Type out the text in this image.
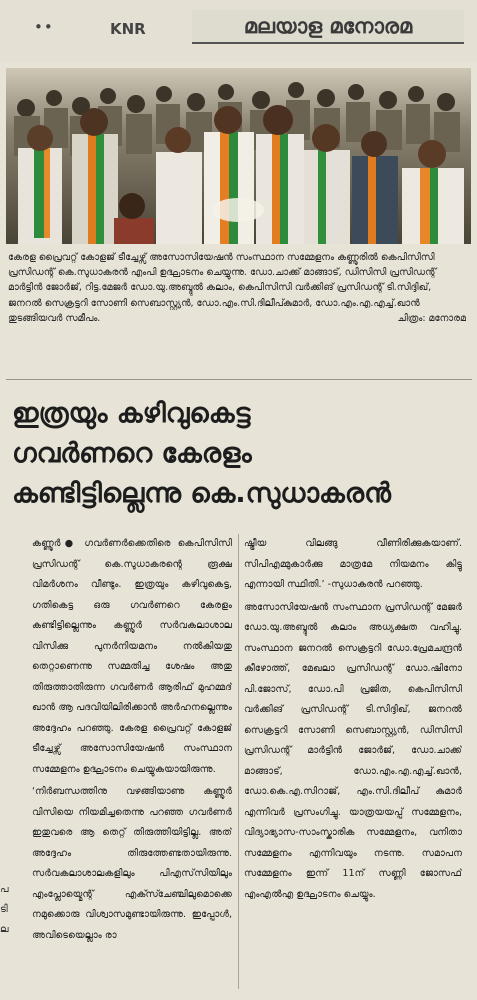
••	KNR	മലയാള മനോരമ
കേരള പ്രൈവറ്റ് കോളജ് ടീച്ചേഴ്സ് അസോസിയേഷൻ സംസ്ഥാന സമ്മേളനം കണ്ണൂരിൽ കെപിസിസി പ്രസിഡന്റ് കെ.സുധാകരൻ എംപി ഉദ്ഘാടനം ചെയ്യുന്നു. ഡോ.ചാക്ക് മാങ്ങാട്, ഡിസിസി പ്രസിഡന്റ് മാർട്ടിൻ ജോർജ്, റിട്ട.മേജർ ഡോ.യു.അബ്ദുൽ കലാം, കെപിസിസി വർക്കിങ് പ്രസിഡന്റ് ടി.സിദ്ദിഖ്, ജനറൽ സെക്രട്ടറി സോണി സെബാസ്റ്റ്യൻ, ഡോ.എം.സി.ദിലീപ്കുമാർ, ഡോ.എം.എ.എച്ച്.ഖാൻ തുടങ്ങിയവർ സമീപം.	ചിത്രം: മനോരമ
ഇത്രയും കഴിവുകെട്ട
ഗവർണറെ കേരളം
കണ്ടിട്ടില്ലെന്നു കെ.സുധാകരൻ

കണ്ണൂർ● ഗവർണർക്കെതിരെ കെപിസിസി പ്രസിഡന്റ് കെ.സുധാകരന്റെ രൂക്ഷ വിമർശനം വീണ്ടും. ഇത്രയും കഴിവുകെട്ട, ഗതികെട്ട ഒരു ഗവർണറെ കേരളം കണ്ടിട്ടില്ലെന്നും കണ്ണൂർ സർവകലാശാല വിസിക്കു പുനർനിയമനം നൽകിയതു തെറ്റാണെന്നു സമ്മതിച്ച ശേഷം അതു തിരുത്താതിരുന്ന ഗവർണർ ആരിഫ് മുഹമ്മദ് ഖാൻ ആ പദവിയിലിരിക്കാൻ അർഹനല്ലെന്നും അദ്ദേഹം പറഞ്ഞു. കേരള പ്രൈവറ്റ് കോളജ് ടീച്ചേഴ്സ് അസോസിയേഷൻ സംസ്ഥാന സമ്മേളനം ഉദ്ഘാടനം ചെയ്യുകയായിരുന്നു.

‘നിർബന്ധത്തിനു വഴങ്ങിയാണു കണ്ണൂർ വിസിയെ നിയമിച്ചതെന്നു പറഞ്ഞ ഗവർണർ ഇതുവരെ ആ തെറ്റ് തിരുത്തിയിട്ടില്ല. അത് അദ്ദേഹം തിരുത്തേണ്ടതായിരുന്നു. സർവകലാശാലകളിലും പിഎസ്‌സിയിലും എംപ്ലോയ്മെന്റ് എക്സ്ചേഞ്ചിലുമൊക്കെ നമുക്കൊരു വിശ്വാസമുണ്ടായിരുന്നു. ഇപ്പോൾ, അവിടെയെല്ലാം രാ

ഷ്ട്രീയ വിലങ്ങു വീണിരിക്കുകയാണ്. സിപിഎമ്മുകാർക്കു മാത്രമേ നിയമനം കിട്ടു എന്നായി സ്ഥിതി.’ -സുധാകരൻ പറഞ്ഞു.

അസോസിയേഷൻ സംസ്ഥാന പ്രസിഡന്റ് മേജർ ഡോ.യു.അബ്ദുൽ കലാം അധ്യക്ഷത വഹിച്ചു. സംസ്ഥാന ജനറൽ സെക്രട്ടറി ഡോ.പ്രേമചന്ദ്രൻ കീഴോത്ത്, മേഖലാ പ്രസിഡന്റ് ഡോ.ഷിനോ പി.ജോസ്, ഡോ.പി പ്രജിത, കെപിസിസി വർക്കിങ് പ്രസിഡന്റ് ടി.സിദ്ദിഖ്, ജനറൽ സെക്രട്ടറി സോണി സെബാസ്റ്റ്യൻ, ഡിസിസി പ്രസിഡന്റ് മാർട്ടിൻ ജോർജ്, ഡോ.ചാക്ക് മാങ്ങാട്, ഡോ.എം.എ.എച്ച്.ഖാൻ, ഡോ.കെ.എ.സിറാജ്, എം.സി.ദിലീപ് കുമാർ എന്നിവർ പ്രസംഗിച്ചു. യാത്രയയപ്പ് സമ്മേളനം, വിദ്യാഭ്യാസ-സാംസ്കാരിക സമ്മേളനം, വനിതാ സമ്മേളനം എന്നിവയും നടന്നു. സമാപന സമ്മേളനം ഇന്ന് 11ന് സണ്ണി ജോസഫ് എംഎൽഎ ഉദ്ഘാടനം ചെയ്യും.

പ
ടി
ല
